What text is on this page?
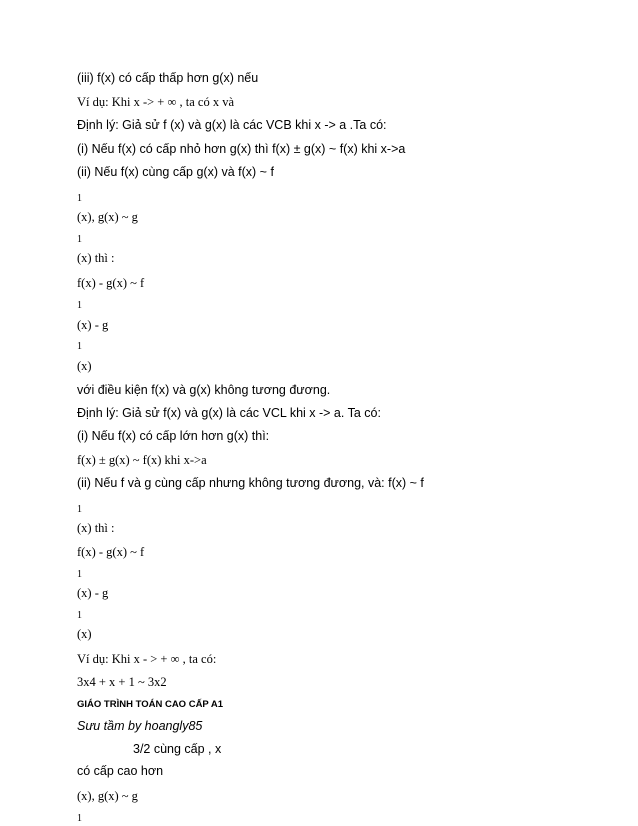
(iii) f(x) có cấp thấp hơn g(x) nếu
Ví dụ: Khi x -> + ∞ , ta có x và
Định lý: Giả sử f (x) và g(x) là các VCB khi x -> a .Ta có:
(i) Nếu f(x) có cấp nhỏ hơn g(x) thì f(x) ± g(x) ~ f(x) khi x->a
(ii) Nếu f(x) cùng cấp g(x) và f(x) ~ f
1
(x), g(x) ~ g
1
(x) thì :
f(x) - g(x) ~ f
1
(x) - g
1
(x)
với điều kiện f(x) và g(x) không tương đương.
Định lý: Giả sử f(x) và g(x) là các VCL khi x -> a. Ta có:
(i) Nếu f(x) có cấp lớn hơn g(x) thì:
f(x) ± g(x) ~ f(x) khi x->a
(ii) Nếu f và g cùng cấp nhưng không tương đương, và: f(x) ~ f
1
(x) thì :
f(x) - g(x) ~ f
1
(x) - g
1
(x)
Ví dụ: Khi x - > + ∞ , ta có:
3x4 + x + 1 ~ 3x2
GIÁO TRÌNH TOÁN CAO CẤP A1
Sưu tầm by hoangly85
3/2 cùng cấp , x
có cấp cao hơn
(x), g(x) ~ g
1
